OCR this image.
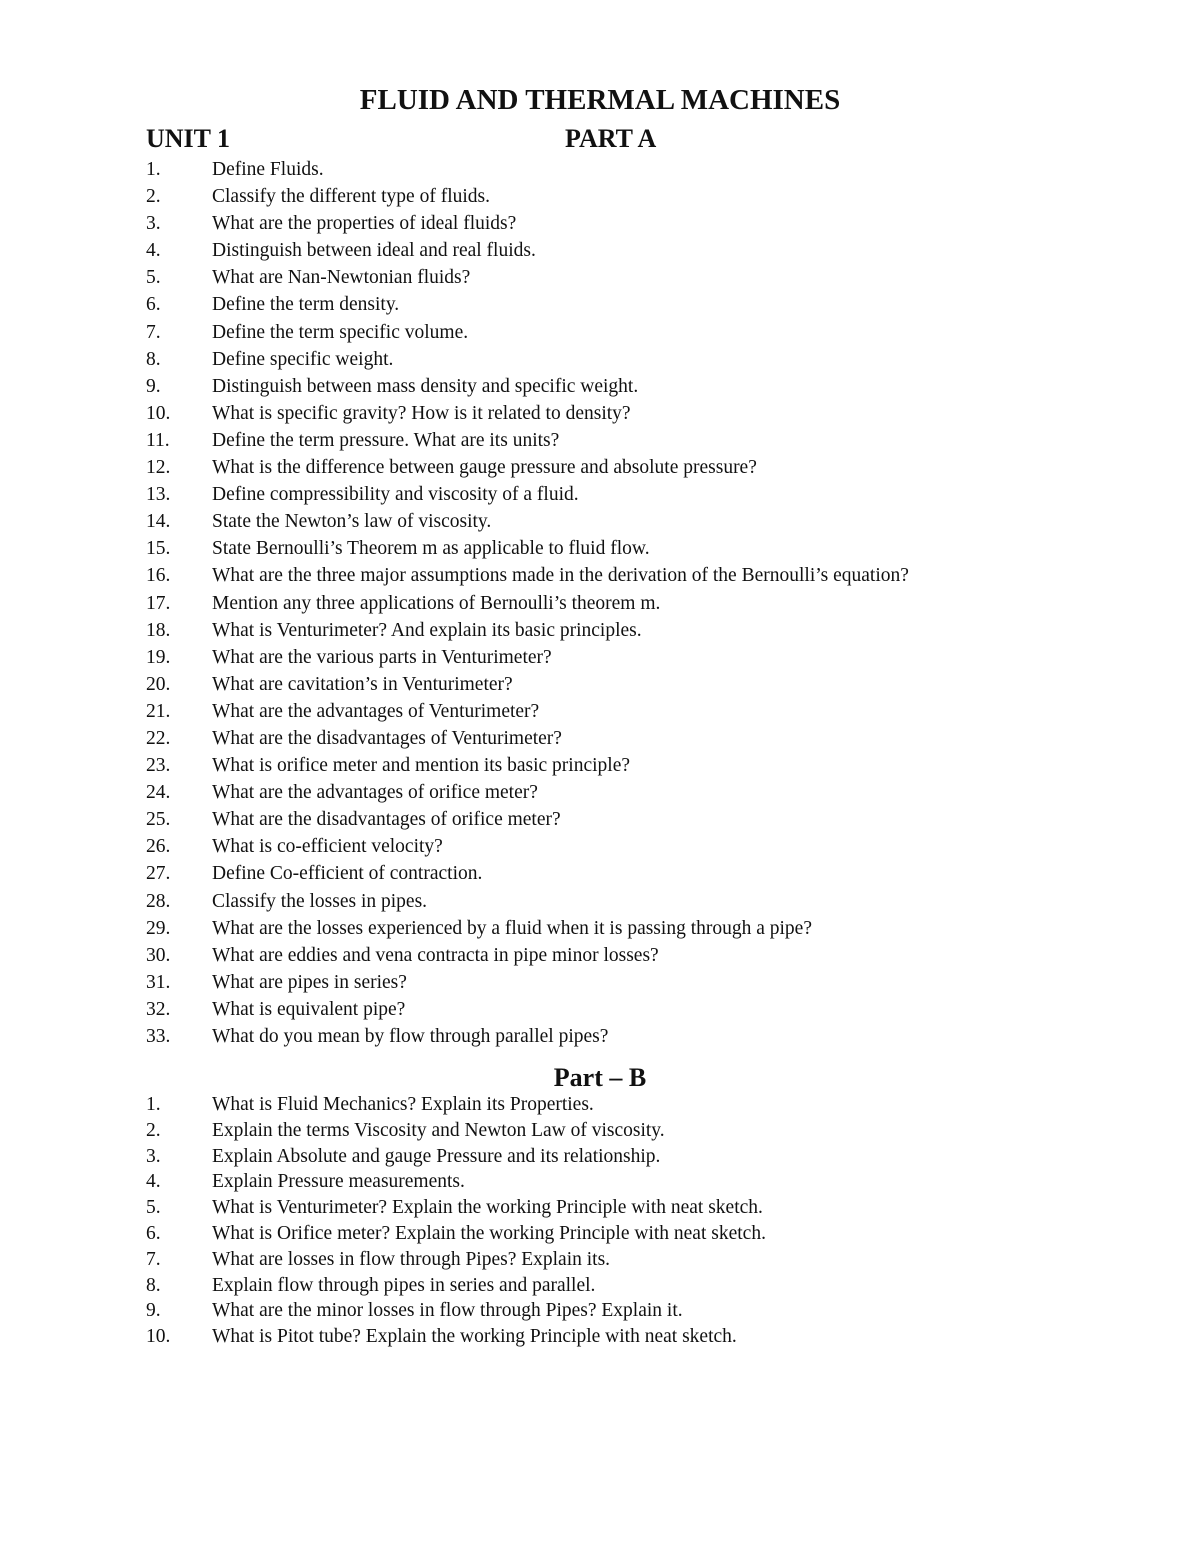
FLUID AND THERMAL MACHINES
UNIT 1	PART A
1.	Define Fluids.
2.	Classify the different type of fluids.
3.	What are the properties of ideal fluids?
4.	Distinguish between ideal and real fluids.
5.	What are Nan-Newtonian fluids?
6.	Define the term density.
7.	Define the term specific volume.
8.	Define specific weight.
9.	Distinguish between mass density and specific weight.
10. What is specific gravity? How is it related to density?
11. Define the term pressure. What are its units?
12. What is the difference between gauge pressure and absolute pressure?
13. Define compressibility and viscosity of a fluid.
14. State the Newton’s law of viscosity.
15. State Bernoulli’s Theorem m as applicable to fluid flow.
16. What are the three major assumptions made in the derivation of the Bernoulli’s equation?
17. Mention any three applications of Bernoulli’s theorem m.
18. What is Venturimeter? And explain its basic principles.
19. What are the various parts in Venturimeter?
20. What are cavitation’s in Venturimeter?
21. What are the advantages of Venturimeter?
22. What are the disadvantages of Venturimeter?
23. What is orifice meter and mention its basic principle?
24. What are the advantages of orifice meter?
25. What are the disadvantages of orifice meter?
26. What is co-efficient velocity?
27. Define Co-efficient of contraction.
28. Classify the losses in pipes.
29. What are the losses experienced by a fluid when it is passing through a pipe?
30. What are eddies and vena contracta in pipe minor losses?
31. What are pipes in series?
32. What is equivalent pipe?
33. What do you mean by flow through parallel pipes?
Part – B
1.	What is Fluid Mechanics? Explain its Properties.
2.	Explain the terms Viscosity and Newton Law of viscosity.
3.	Explain Absolute and gauge Pressure and its relationship.
4.	Explain Pressure measurements.
5.	What is Venturimeter? Explain the working Principle with neat sketch.
6.	What is Orifice meter? Explain the working Principle with neat sketch.
7.	What are losses in flow through Pipes? Explain its.
8.	Explain flow through pipes in series and parallel.
9.	What are the minor losses in flow through Pipes? Explain it.
10. What is Pitot tube? Explain the working Principle with neat sketch.
